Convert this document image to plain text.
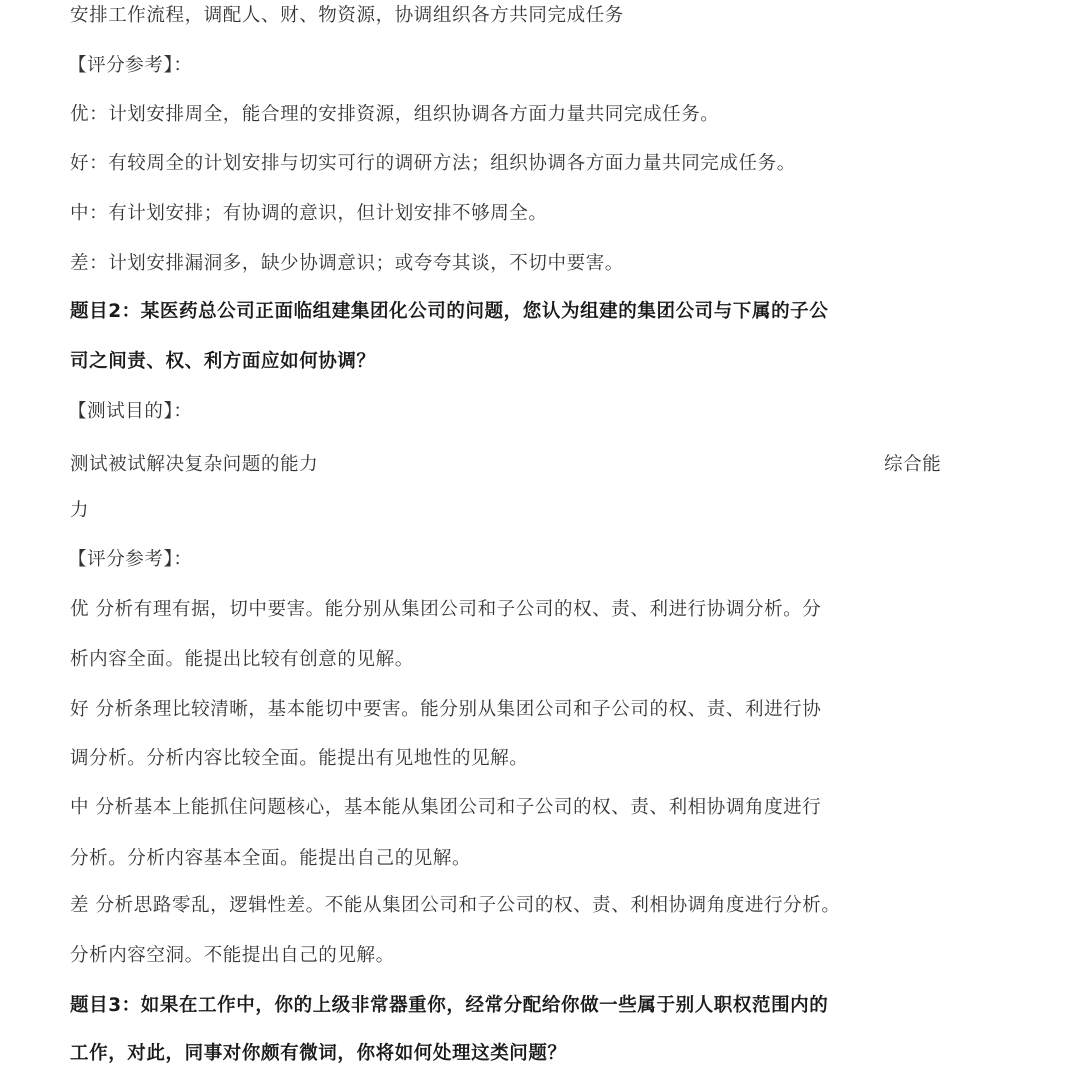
安排工作流程，调配人、财、物资源，协调组织各方共同完成任务
【评分参考】：
优：计划安排周全，能合理的安排资源，组织协调各方面力量共同完成任务。
好：有较周全的计划安排与切实可行的调研方法；组织协调各方面力量共同完成任务。
中：有计划安排；有协调的意识，但计划安排不够周全。
差：计划安排漏洞多，缺少协调意识；或夸夸其谈，不切中要害。
题目2：某医药总公司正面临组建集团化公司的问题，您认为组建的集团公司与下属的子公
司之间责、权、利方面应如何协调？
【测试目的】：
测试被试解决复杂问题的能力	综合能
力
【评分参考】：
优 分析有理有据，切中要害。能分别从集团公司和子公司的权、责、利进行协调分析。分
析内容全面。能提出比较有创意的见解。
好 分析条理比较清晰，基本能切中要害。能分别从集团公司和子公司的权、责、利进行协
调分析。分析内容比较全面。能提出有见地性的见解。
中 分析基本上能抓住问题核心，基本能从集团公司和子公司的权、责、利相协调角度进行
分析。分析内容基本全面。能提出自己的见解。
差 分析思路零乱，逻辑性差。不能从集团公司和子公司的权、责、利相协调角度进行分析。
分析内容空洞。不能提出自己的见解。
题目3：如果在工作中，你的上级非常器重你，经常分配给你做一些属于别人职权范围内的
工作，对此，同事对你颇有微词，你将如何处理这类问题？
